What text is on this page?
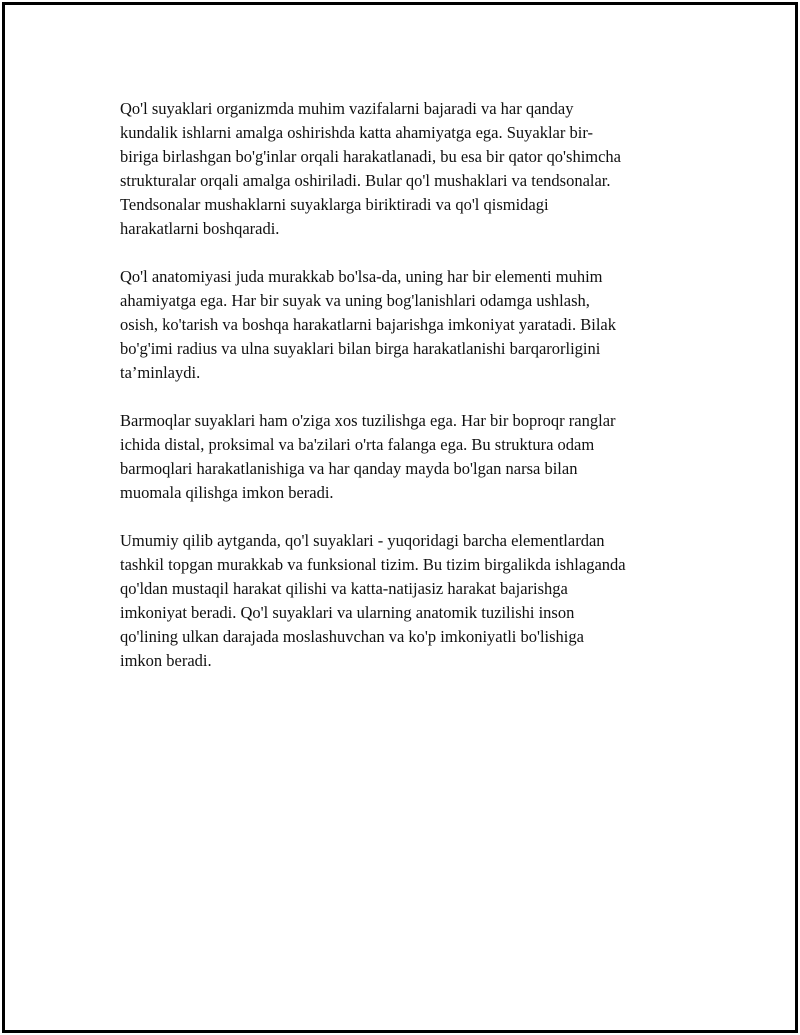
Qo'l suyaklari organizmda muhim vazifalarni bajaradi va har qanday
kundalik ishlarni amalga oshirishda katta ahamiyatga ega. Suyaklar bir-
biriga birlashgan bo'g'inlar orqali harakatlanadi, bu esa bir qator qo'shimcha
strukturalar orqali amalga oshiriladi. Bular qo'l mushaklari va tendsonalar.
Tendsonalar mushaklarni suyaklarga biriktiradi va qo'l qismidagi
harakatlarni boshqaradi.

Qo'l anatomiyasi juda murakkab bo'lsa-da, uning har bir elementi muhim
ahamiyatga ega. Har bir suyak va uning bog'lanishlari odamga ushlash,
osish, ko'tarish va boshqa harakatlarni bajarishga imkoniyat yaratadi. Bilak
bo'g'imi radius va ulna suyaklari bilan birga harakatlanishi barqarorligini
ta’minlaydi.

Barmoqlar suyaklari ham o'ziga xos tuzilishga ega. Har bir boproqr ranglar
ichida distal, proksimal va ba'zilari o'rta falanga ega. Bu struktura odam
barmoqlari harakatlanishiga va har qanday mayda bo'lgan narsa bilan
muomala qilishga imkon beradi.

Umumiy qilib aytganda, qo'l suyaklari - yuqoridagi barcha elementlardan
tashkil topgan murakkab va funksional tizim. Bu tizim birgalikda ishlaganda
qo'ldan mustaqil harakat qilishi va katta-natijasiz harakat bajarishga
imkoniyat beradi. Qo'l suyaklari va ularning anatomik tuzilishi inson
qo'lining ulkan darajada moslashuvchan va ko'p imkoniyatli bo'lishiga
imkon beradi.
